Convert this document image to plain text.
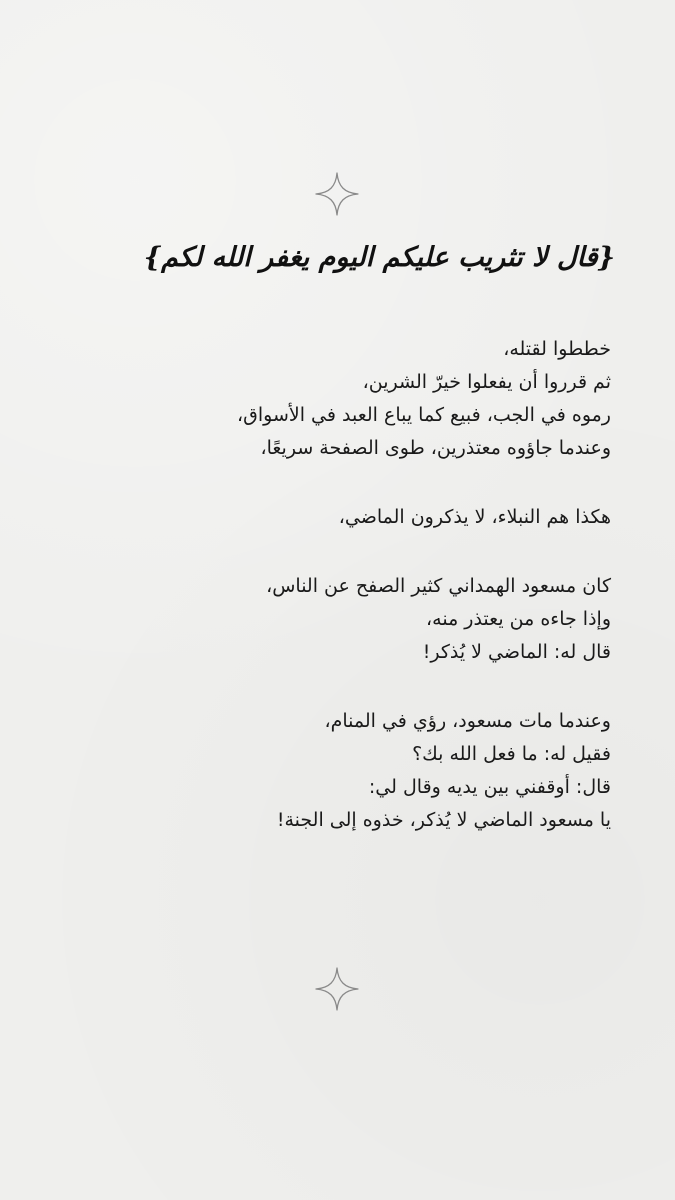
{قال لا تثريب عليكم اليوم يغفر الله لكم}
خططوا لقتله،
ثم قرروا أن يفعلوا خيرّ الشرين،
رموه في الجب، فبيع كما يباع العبد في الأسواق،
وعندما جاؤوه معتذرين، طوى الصفحة سريعًا،
هكذا هم النبلاء، لا يذكرون الماضي،
كان مسعود الهمداني كثير الصفح عن الناس،
وإذا جاءه من يعتذر منه،
قال له: الماضي لا يُذكر!
وعندما مات مسعود، رؤي في المنام،
فقيل له: ما فعل الله بك؟
قال: أوقفني بين يديه وقال لي:
يا مسعود الماضي لا يُذكر، خذوه إلى الجنة!
